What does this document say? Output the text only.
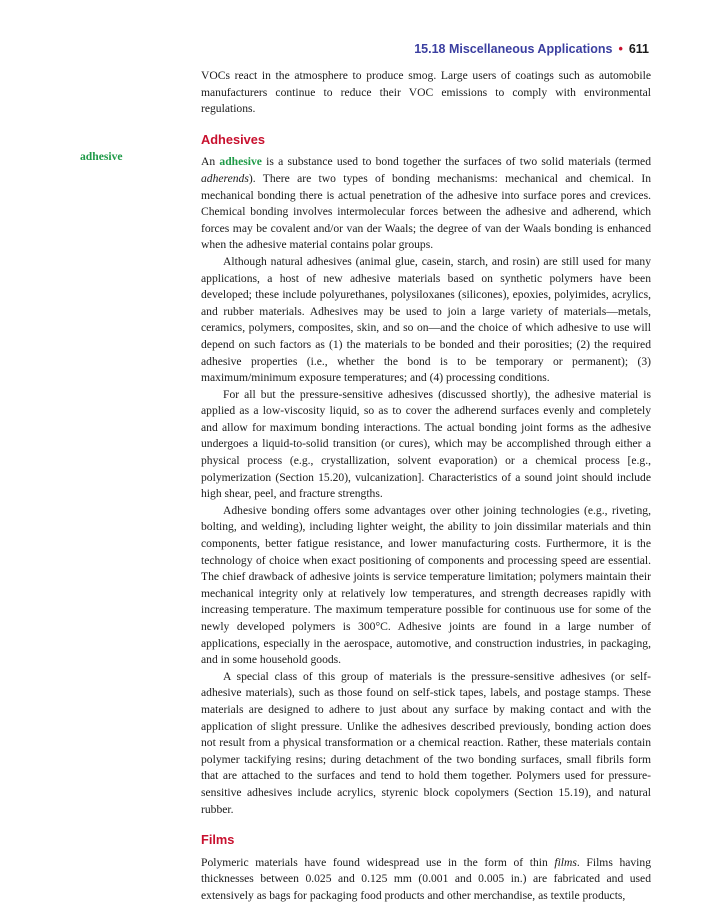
15.18 Miscellaneous Applications • 611
adhesive

VOCs react in the atmosphere to produce smog. Large users of coatings such as automobile manufacturers continue to reduce their VOC emissions to comply with environmental regulations.

Adhesives

An adhesive is a substance used to bond together the surfaces of two solid materials (termed adherends). There are two types of bonding mechanisms: mechanical and chemical. In mechanical bonding there is actual penetration of the adhesive into surface pores and crevices. Chemical bonding involves intermolecular forces between the adhesive and adherend, which forces may be covalent and/or van der Waals; the degree of van der Waals bonding is enhanced when the adhesive material contains polar groups.

Although natural adhesives (animal glue, casein, starch, and rosin) are still used for many applications, a host of new adhesive materials based on synthetic polymers have been developed; these include polyurethanes, polysiloxanes (silicones), epoxies, polyimides, acrylics, and rubber materials. Adhesives may be used to join a large variety of materials—metals, ceramics, polymers, composites, skin, and so on—and the choice of which adhesive to use will depend on such factors as (1) the materials to be bonded and their porosities; (2) the required adhesive properties (i.e., whether the bond is to be temporary or permanent); (3) maximum/minimum exposure temperatures; and (4) processing conditions.

For all but the pressure-sensitive adhesives (discussed shortly), the adhesive material is applied as a low-viscosity liquid, so as to cover the adherend surfaces evenly and completely and allow for maximum bonding interactions. The actual bonding joint forms as the adhesive undergoes a liquid-to-solid transition (or cures), which may be accomplished through either a physical process (e.g., crystallization, solvent evaporation) or a chemical process [e.g., polymerization (Section 15.20), vulcanization]. Characteristics of a sound joint should include high shear, peel, and fracture strengths.

Adhesive bonding offers some advantages over other joining technologies (e.g., riveting, bolting, and welding), including lighter weight, the ability to join dissimilar materials and thin components, better fatigue resistance, and lower manufacturing costs. Furthermore, it is the technology of choice when exact positioning of components and processing speed are essential. The chief drawback of adhesive joints is service temperature limitation; polymers maintain their mechanical integrity only at relatively low temperatures, and strength decreases rapidly with increasing temperature. The maximum temperature possible for continuous use for some of the newly developed polymers is 300°C. Adhesive joints are found in a large number of applications, especially in the aerospace, automotive, and construction industries, in packaging, and in some household goods.

A special class of this group of materials is the pressure-sensitive adhesives (or self-adhesive materials), such as those found on self-stick tapes, labels, and postage stamps. These materials are designed to adhere to just about any surface by making contact and with the application of slight pressure. Unlike the adhesives described previously, bonding action does not result from a physical transformation or a chemical reaction. Rather, these materials contain polymer tackifying resins; during detachment of the two bonding surfaces, small fibrils form that are attached to the surfaces and tend to hold them together. Polymers used for pressure-sensitive adhesives include acrylics, styrenic block copolymers (Section 15.19), and natural rubber.

Films

Polymeric materials have found widespread use in the form of thin films. Films having thicknesses between 0.025 and 0.125 mm (0.001 and 0.005 in.) are fabricated and used extensively as bags for packaging food products and other merchandise, as textile products,
